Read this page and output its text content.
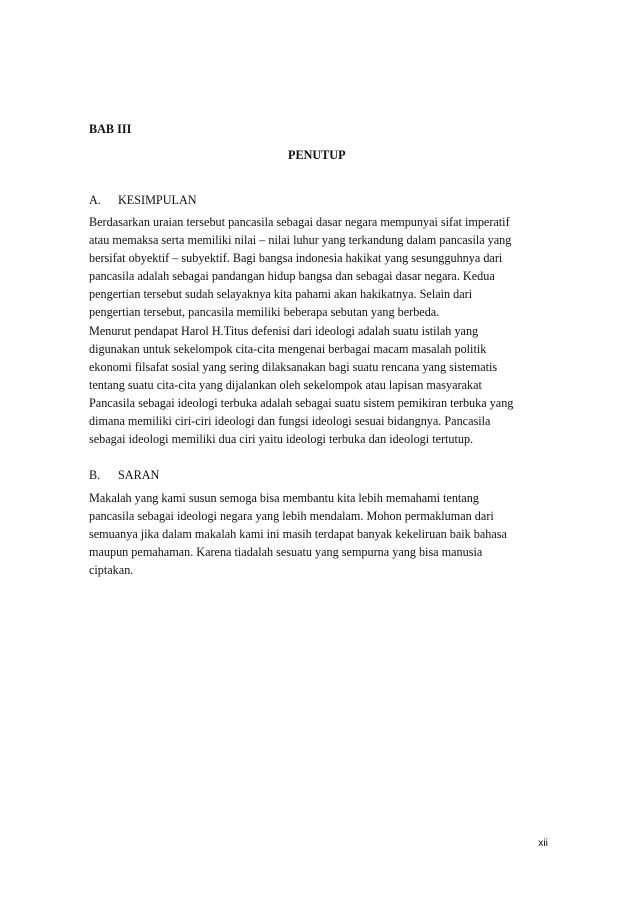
BAB III
PENUTUP
A. KESIMPULAN
Berdasarkan uraian tersebut pancasila sebagai dasar negara mempunyai sifat imperatif
atau memaksa serta memiliki nilai – nilai luhur yang terkandung dalam pancasila yang
bersifat obyektif – subyektif. Bagi bangsa indonesia hakikat yang sesungguhnya dari
pancasila adalah sebagai pandangan hidup bangsa dan sebagai dasar negara. Kedua
pengertian tersebut sudah selayaknya kita pahami akan hakikatnya. Selain dari
pengertian tersebut, pancasila memiliki beberapa sebutan yang berbeda.
Menurut pendapat Harol H.Titus defenisi dari ideologi adalah suatu istilah yang
digunakan untuk sekelompok cita-cita mengenai berbagai macam masalah politik
ekonomi filsafat sosial yang sering dilaksanakan bagi suatu rencana yang sistematis
tentang suatu cita-cita yang dijalankan oleh sekelompok atau lapisan masyarakat
Pancasila sebagai ideologi terbuka adalah sebagai suatu sistem pemikiran terbuka yang
dimana memiliki ciri-ciri ideologi dan fungsi ideologi sesuai bidangnya. Pancasila
sebagai ideologi memiliki dua ciri yaitu ideologi terbuka dan ideologi tertutup.
B. SARAN
Makalah yang kami susun semoga bisa membantu kita lebih memahami tentang
pancasila sebagai ideologi negara yang lebih mendalam. Mohon permakluman dari
semuanya jika dalam makalah kami ini masih terdapat banyak kekeliruan baik bahasa
maupun pemahaman. Karena tiadalah sesuatu yang sempurna yang bisa manusia
ciptakan.
xii
